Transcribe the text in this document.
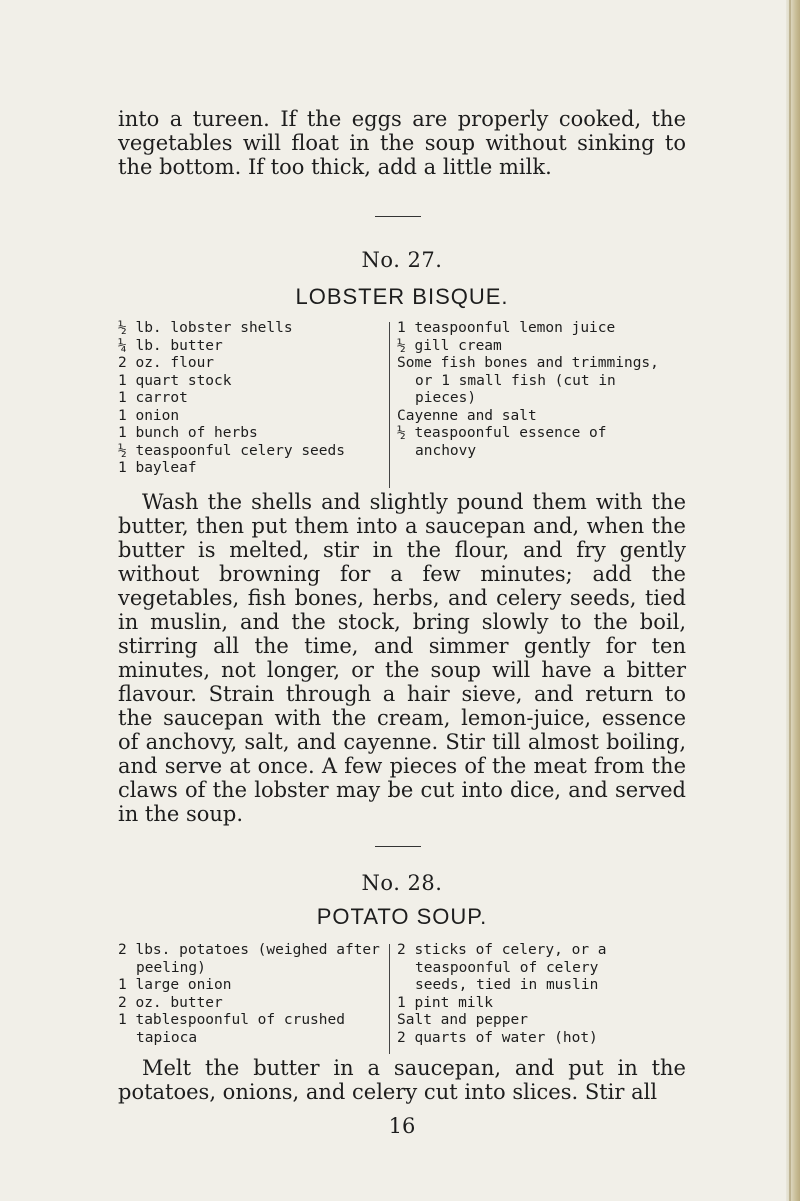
into a tureen. If the eggs are properly cooked, the vegetables will float in the soup without sinking to the bottom. If too thick, add a little milk.

No. 27.
LOBSTER BISQUE.
½ lb. lobster shells
¼ lb. butter
2 oz. flour
1 quart stock
1 carrot
1 onion
1 bunch of herbs
½ teaspoonful celery seeds
1 bayleaf
1 teaspoonful lemon juice
½ gill cream
Some fish bones and trimmings, or 1 small fish (cut in pieces)
Cayenne and salt
½ teaspoonful essence of anchovy

Wash the shells and slightly pound them with the butter, then put them into a saucepan and, when the butter is melted, stir in the flour, and fry gently without browning for a few minutes; add the vegetables, fish bones, herbs, and celery seeds, tied in muslin, and the stock, bring slowly to the boil, stirring all the time, and simmer gently for ten minutes, not longer, or the soup will have a bitter flavour. Strain through a hair sieve, and return to the saucepan with the cream, lemon-juice, essence of anchovy, salt, and cayenne. Stir till almost boiling, and serve at once. A few pieces of the meat from the claws of the lobster may be cut into dice, and served in the soup.

No. 28.
POTATO SOUP.
2 lbs. potatoes (weighed after peeling)
1 large onion
2 oz. butter
1 tablespoonful of crushed tapioca
2 sticks of celery, or a teaspoonful of celery seeds, tied in muslin
1 pint milk
Salt and pepper
2 quarts of water (hot)

Melt the butter in a saucepan, and put in the potatoes, onions, and celery cut into slices. Stir all

16
